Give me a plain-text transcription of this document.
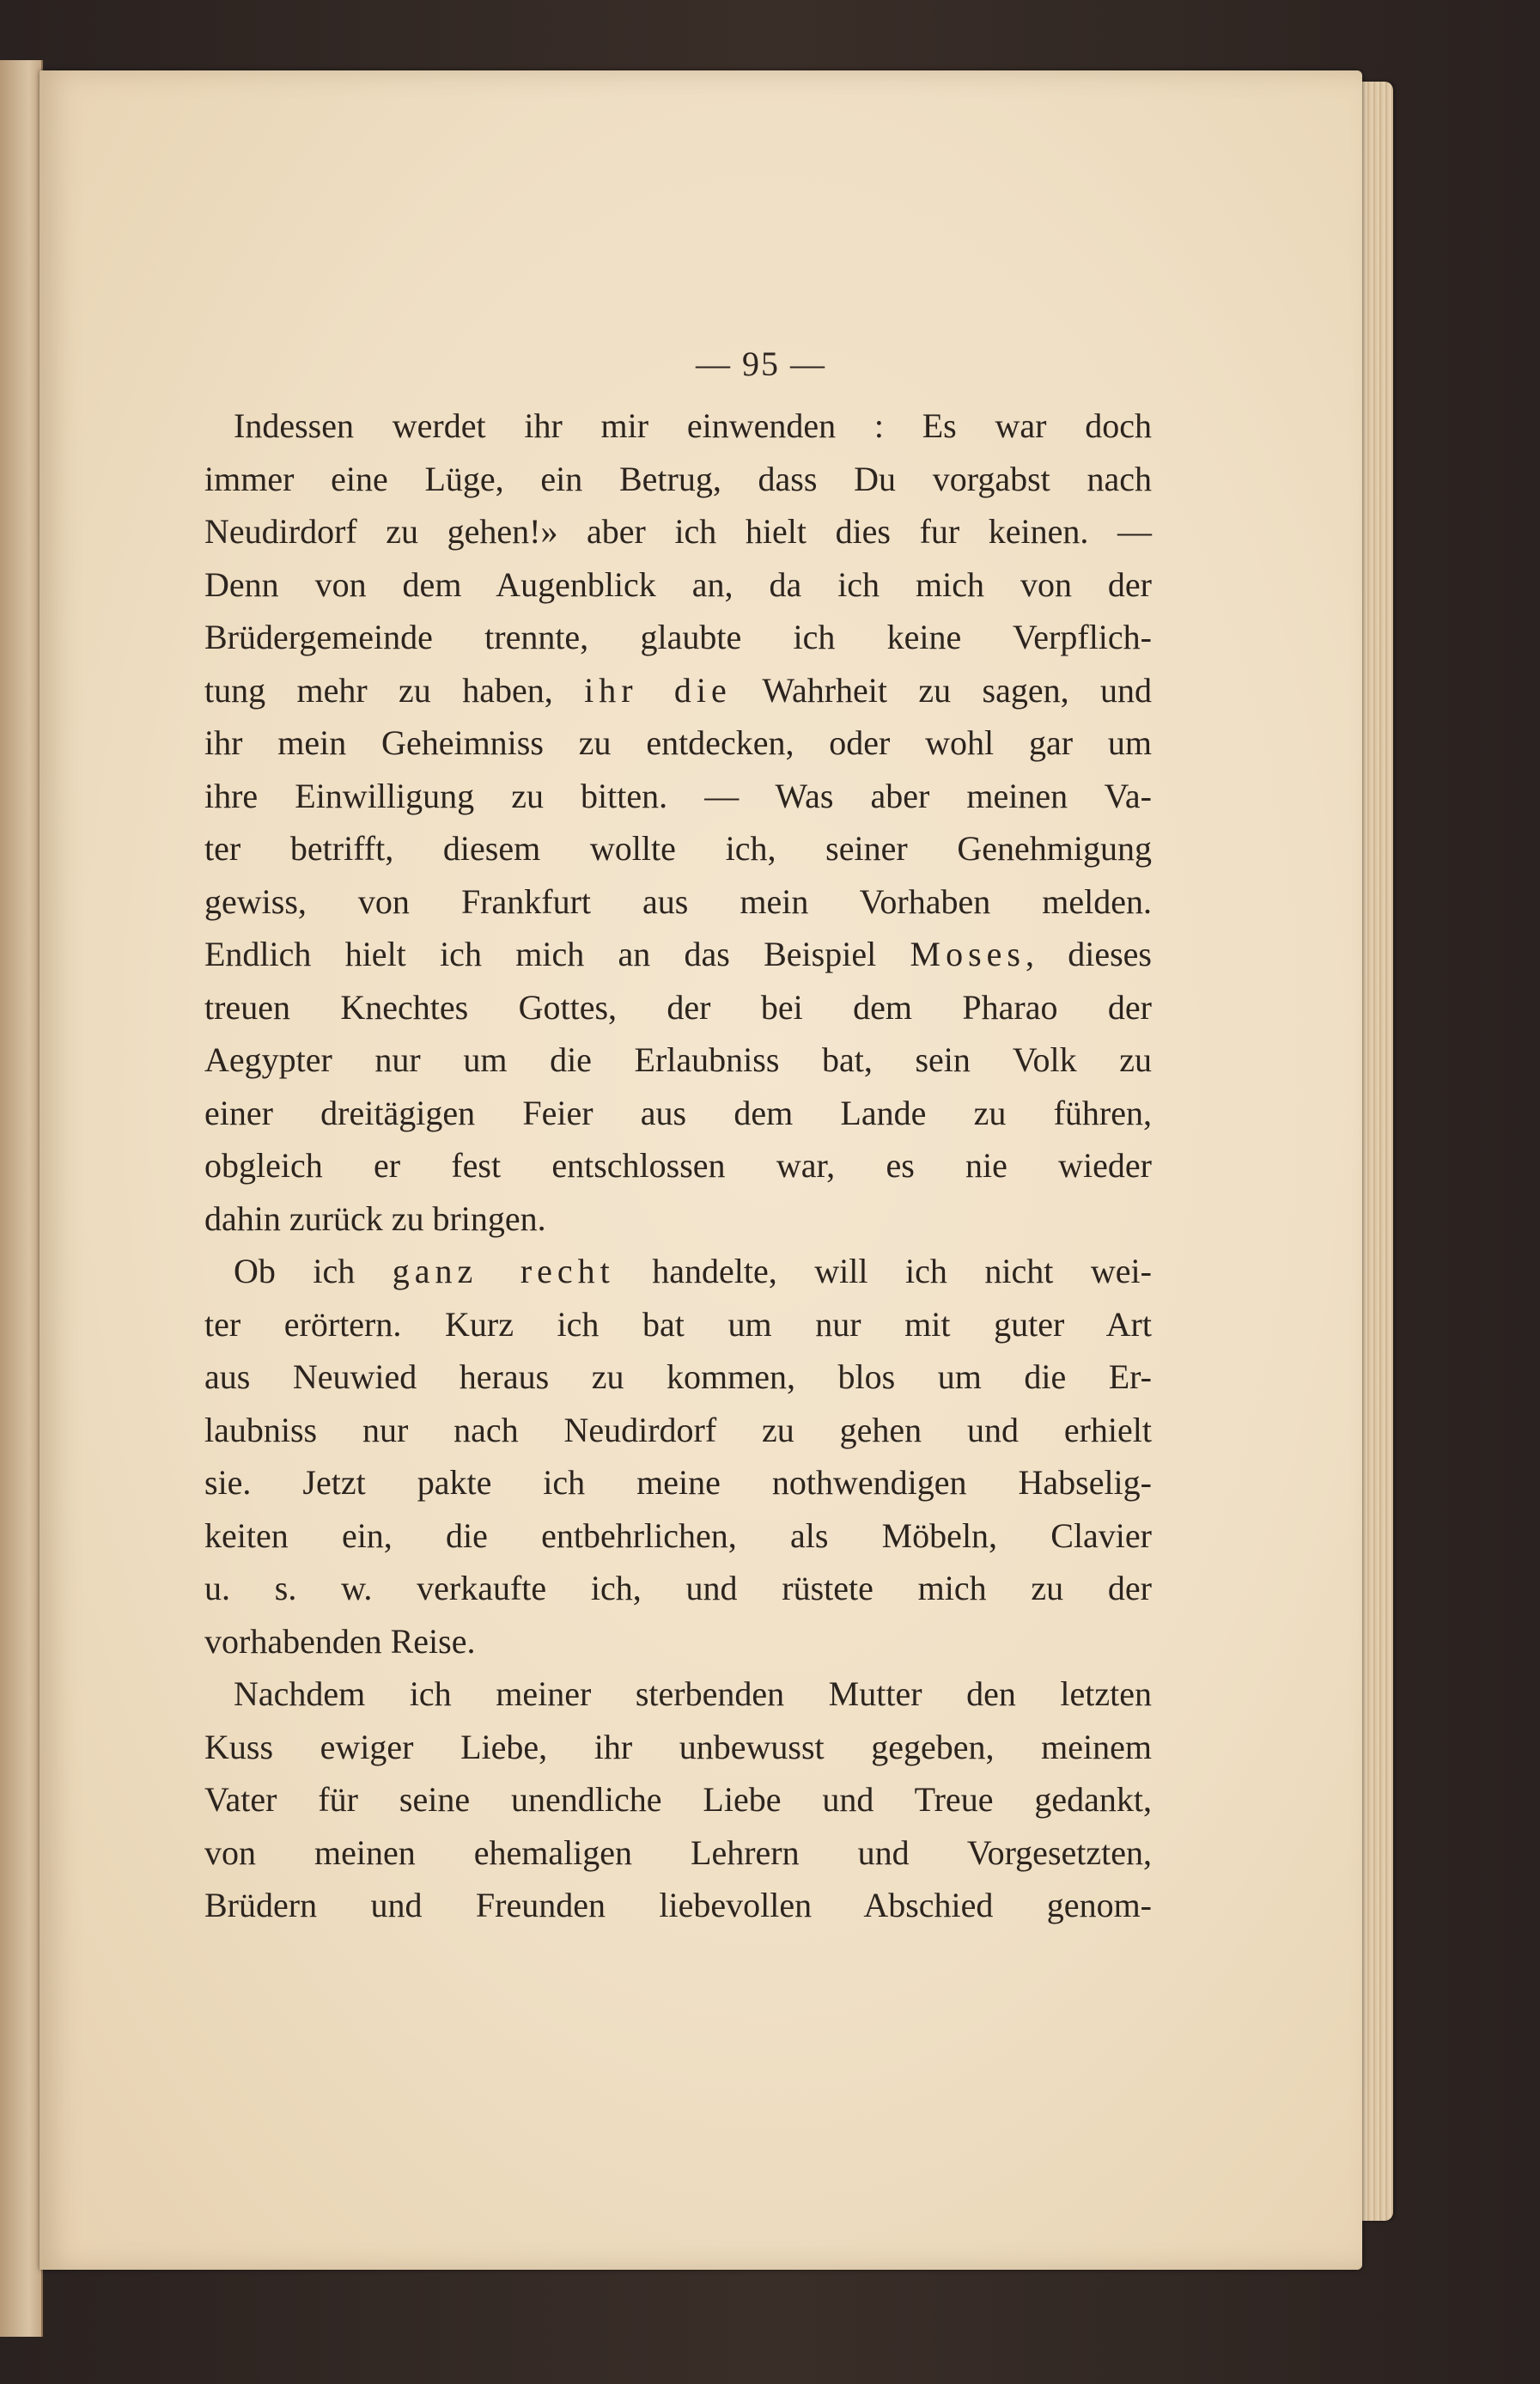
— 95 —
Indessen werdet ihr mir einwenden : Es war doch
immer eine Lüge, ein Betrug, dass Du vorgabst nach
Neudirdorf zu gehen!» aber ich hielt dies fur keinen. —
Denn von dem Augenblick an, da ich mich von der
Brüdergemeinde trennte, glaubte ich keine Verpflich-
tung mehr zu haben, ihr die Wahrheit zu sagen, und
ihr mein Geheimniss zu entdecken, oder wohl gar um
ihre Einwilligung zu bitten. — Was aber meinen Va-
ter betrifft, diesem wollte ich, seiner Genehmigung
gewiss, von Frankfurt aus mein Vorhaben melden.
Endlich hielt ich mich an das Beispiel Moses, dieses
treuen Knechtes Gottes, der bei dem Pharao der
Aegypter nur um die Erlaubniss bat, sein Volk zu
einer dreitägigen Feier aus dem Lande zu führen,
obgleich er fest entschlossen war, es nie wieder
dahin zurück zu bringen.
Ob ich ganz recht handelte, will ich nicht wei-
ter erörtern. Kurz ich bat um nur mit guter Art
aus Neuwied heraus zu kommen, blos um die Er-
laubniss nur nach Neudirdorf zu gehen und erhielt
sie. Jetzt pakte ich meine nothwendigen Habselig-
keiten ein, die entbehrlichen, als Möbeln, Clavier
u. s. w. verkaufte ich, und rüstete mich zu der
vorhabenden Reise.
Nachdem ich meiner sterbenden Mutter den letzten
Kuss ewiger Liebe, ihr unbewusst gegeben, meinem
Vater für seine unendliche Liebe und Treue gedankt,
von meinen ehemaligen Lehrern und Vorgesetzten,
Brüdern und Freunden liebevollen Abschied genom-
